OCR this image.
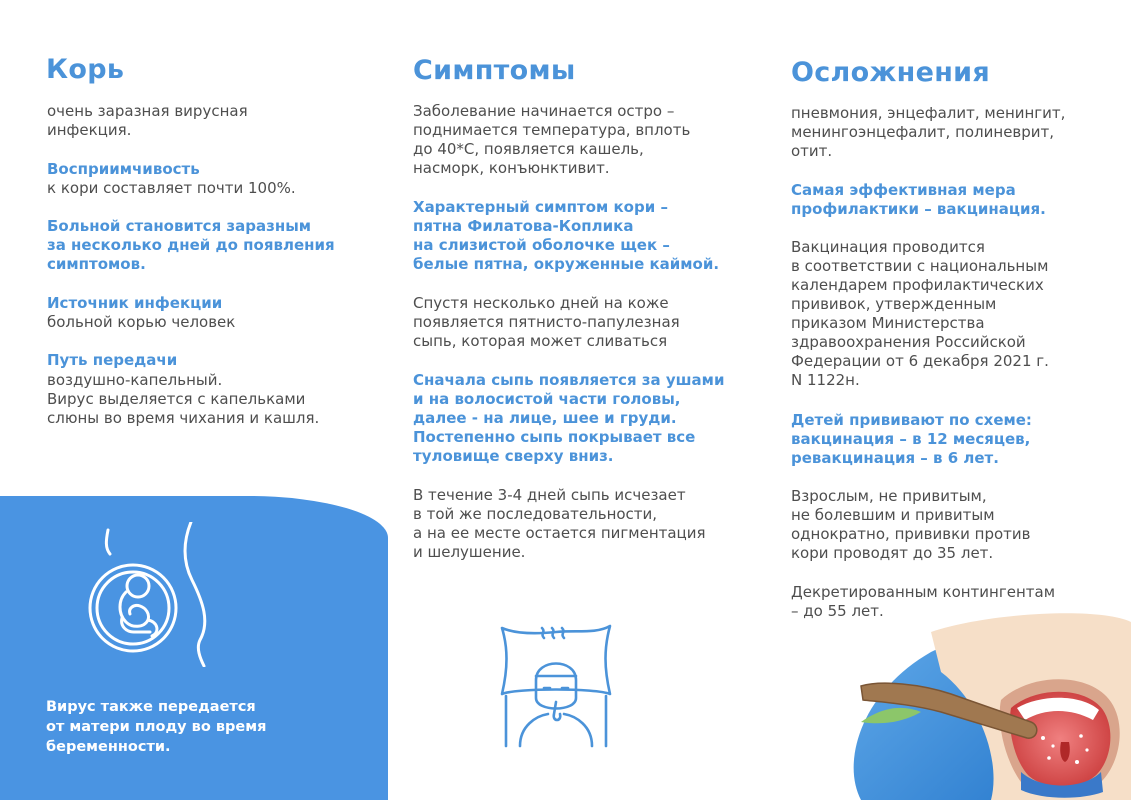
Корь
очень заразная вирусная
инфекция.
Восприимчивость
к кори составляет почти 100%.
Больной становится заразным
за несколько дней до появления
симптомов.
Источник инфекции
больной корью человек
Путь передачи
воздушно-капельный.
Вирус выделяется с капельками
слюны во время чихания и кашля.
Вирус также передается
от матери плоду во время
беременности.
Симптомы
Заболевание начинается остро –
поднимается температура, вплоть
до 40*С, появляется кашель,
насморк, конъюнктивит.
Характерный симптом кори –
пятна Филатова-Коплика
на слизистой оболочке щек –
белые пятна, окруженные каймой.
Спустя несколько дней на коже
появляется пятнисто-папулезная
сыпь, которая может сливаться
Сначала сыпь появляется за ушами
и на волосистой части головы,
далее - на лице, шее и груди.
Постепенно сыпь покрывает все
туловище сверху вниз.
В течение 3-4 дней сыпь исчезает
в той же последовательности,
а на ее месте остается пигментация
и шелушение.
Осложнения
пневмония, энцефалит, менингит,
менингоэнцефалит, полиневрит,
отит.
Самая эффективная мера
профилактики – вакцинация.
Вакцинация проводится
в соответствии с национальным
календарем профилактических
прививок, утвержденным
приказом Министерства
здравоохранения Российской
Федерации от 6 декабря 2021 г.
N 1122н.
Детей прививают по схеме:
вакцинация – в 12 месяцев,
ревакцинация – в 6 лет.
Взрослым, не привитым,
не болевшим и привитым
однократно, прививки против
кори проводят до 35 лет.
Декретированным контингентам
– до 55 лет.
